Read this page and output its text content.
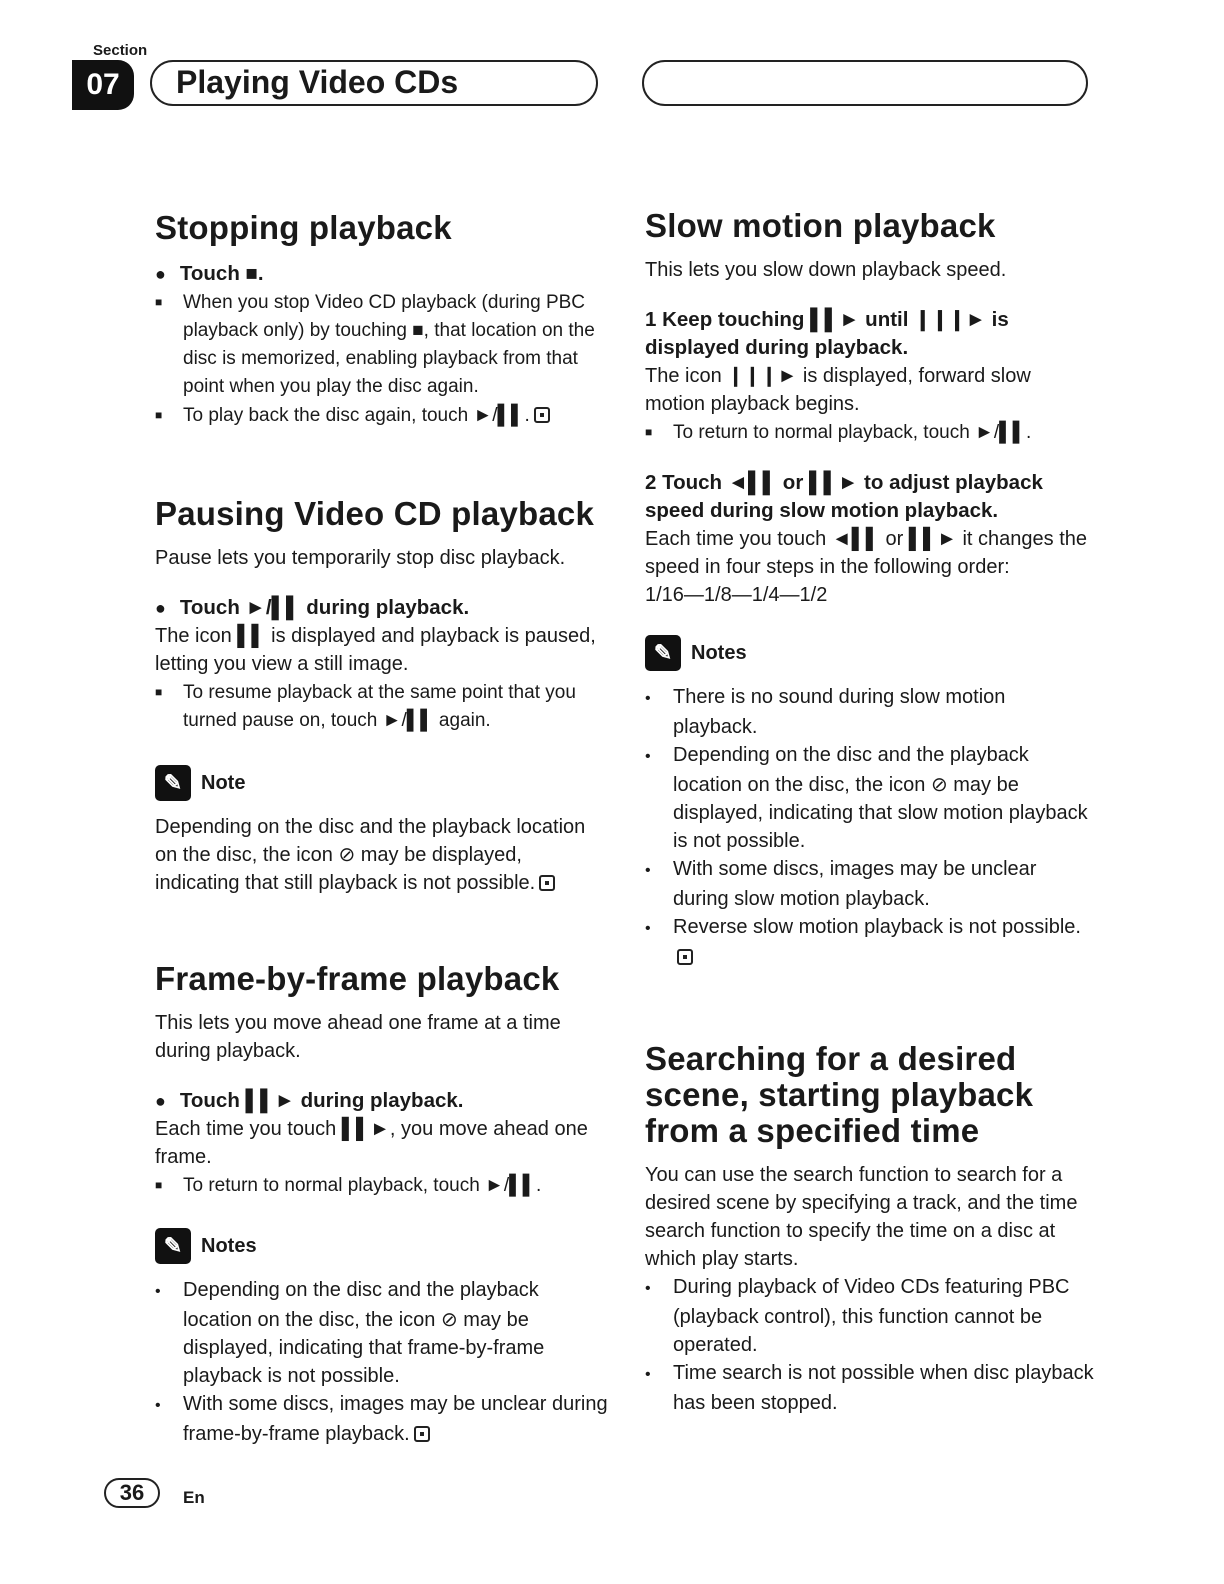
Section
07	Playing Video CDs
Stopping playback

● Touch ■.

■ When you stop Video CD playback (during PBC playback only) by touching ■, that location on the disc is memorized, enabling playback from that point when you play the disc again.

■ To play back the disc again, touch ►/▌▌.

Pausing Video CD playback

Pause lets you temporarily stop disc playback.

● Touch ►/▌▌ during playback.

The icon ▌▌ is displayed and playback is paused, letting you view a still image.

■ To resume playback at the same point that you turned pause on, touch ►/▌▌ again.

✎ Note

Depending on the disc and the playback location on the disc, the icon ⊘ may be displayed, indicating that still playback is not possible.

Frame-by-frame playback

This lets you move ahead one frame at a time during playback.

● Touch ▌▌► during playback.

Each time you touch ▌▌►, you move ahead one frame.

■ To return to normal playback, touch ►/▌▌.

✎ Notes

• Depending on the disc and the playback location on the disc, the icon ⊘ may be displayed, indicating that frame-by-frame playback is not possible.

• With some discs, images may be unclear during frame-by-frame playback.

Slow motion playback

This lets you slow down playback speed.

1 Keep touching ▌▌► until ❙❙❙► is displayed during playback.

The icon ❙❙❙► is displayed, forward slow motion playback begins.

■ To return to normal playback, touch ►/▌▌.

2 Touch ◄▌▌ or ▌▌► to adjust playback speed during slow motion playback.

Each time you touch ◄▌▌ or ▌▌► it changes the speed in four steps in the following order:

1/16—1/8—1/4—1/2

✎ Notes

• There is no sound during slow motion playback.

• Depending on the disc and the playback location on the disc, the icon ⊘ may be displayed, indicating that slow motion playback is not possible.

• With some discs, images may be unclear during slow motion playback.

• Reverse slow motion playback is not possible.

Searching for a desired scene, starting playback from a specified time

You can use the search function to search for a desired scene by specifying a track, and the time search function to specify the time on a disc at which play starts.

• During playback of Video CDs featuring PBC (playback control), this function cannot be operated.

• Time search is not possible when disc playback has been stopped.

36	En
